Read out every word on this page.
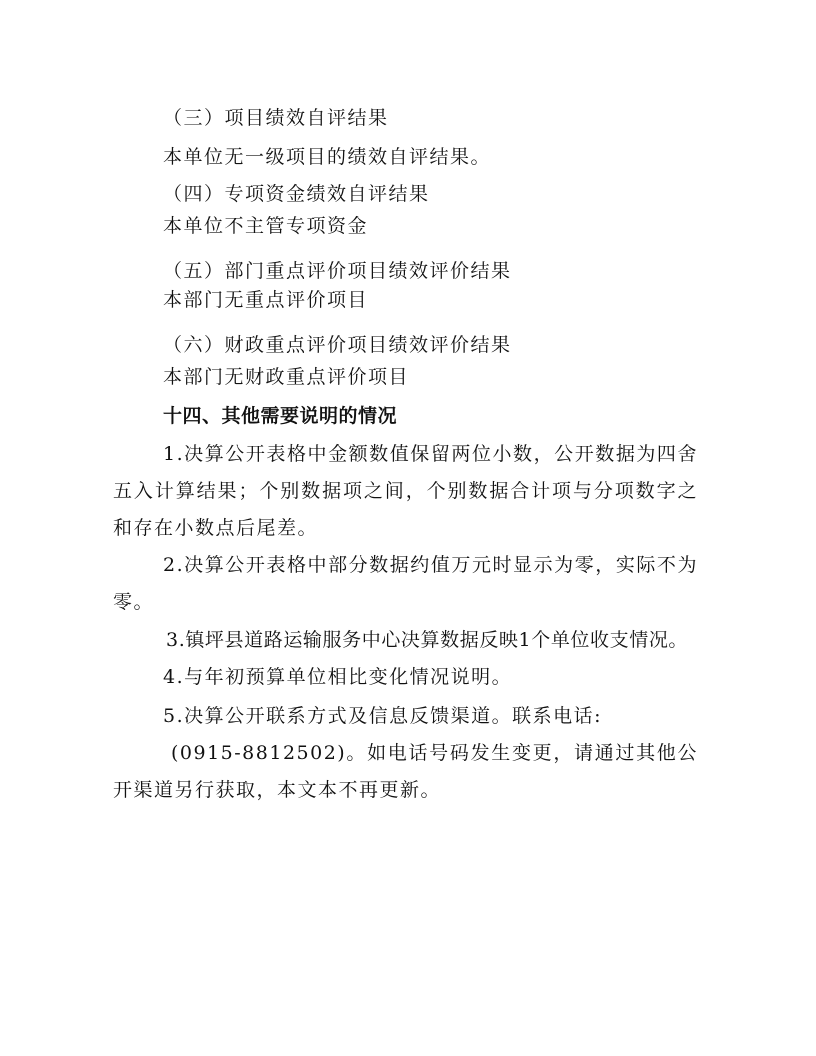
（三）项目绩效自评结果
本单位无一级项目的绩效自评结果。
（四）专项资金绩效自评结果
本单位不主管专项资金
（五）部门重点评价项目绩效评价结果
本部门无重点评价项目
（六）财政重点评价项目绩效评价结果
本部门无财政重点评价项目
十四、其他需要说明的情况
1.决算公开表格中金额数值保留两位小数，公开数据为四舍五入计算结果；个别数据项之间，个别数据合计项与分项数字之和存在小数点后尾差。
2.决算公开表格中部分数据约值万元时显示为零，实际不为零。
3.镇坪县道路运输服务中心决算数据反映1个单位收支情况。
4.与年初预算单位相比变化情况说明。
5.决算公开联系方式及信息反馈渠道。联系电话:
(0915-8812502)。如电话号码发生变更，请通过其他公开渠道另行获取，本文本不再更新。
